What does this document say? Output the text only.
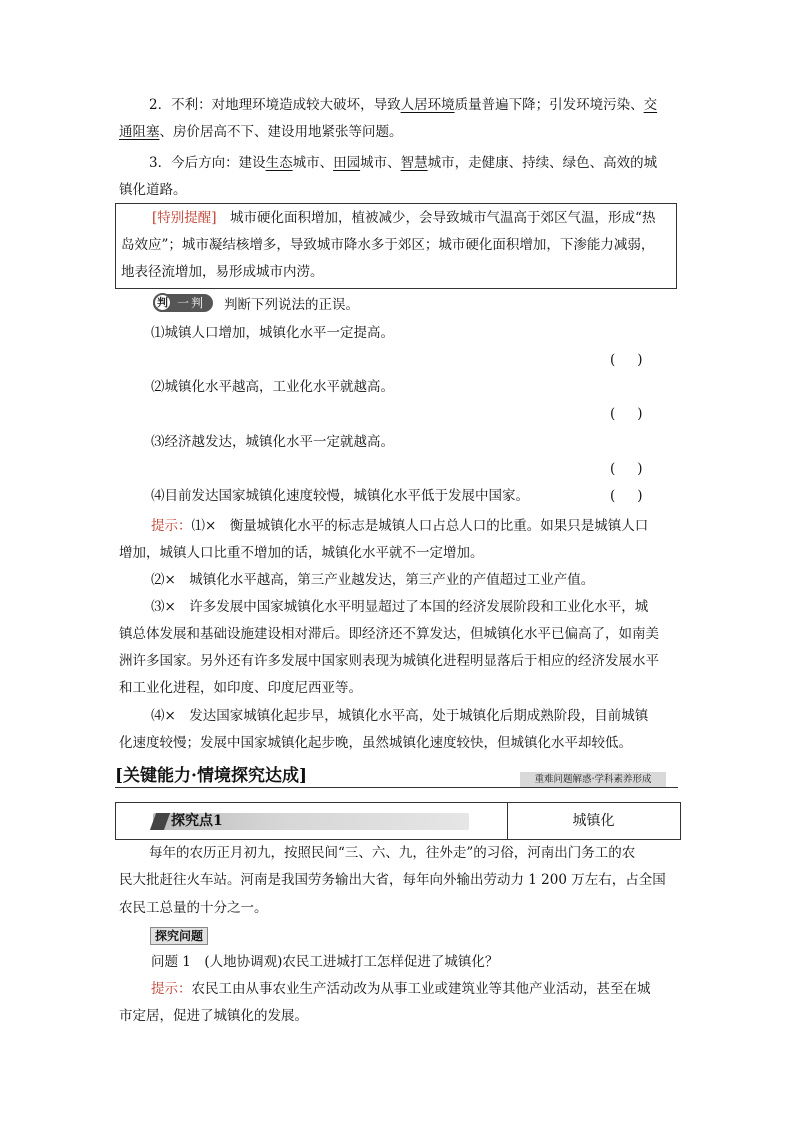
2．不利：对地理环境造成较大破坏，导致人居环境质量普遍下降；引发环境污染、交
通阻塞、房价居高不下、建设用地紧张等问题。
3．今后方向：建设生态城市、田园城市、智慧城市，走健康、持续、绿色、高效的城
镇化道路。
[特别提醒]　 城市硬化面积增加，植被减少，会导致城市气温高于郊区气温，形成“热
岛效应”；城市凝结核增多，导致城市降水多于郊区；城市硬化面积增加，下渗能力减弱，
地表径流增加，易形成城市内涝。
判 一判 判断下列说法的正误。
⑴城镇人口增加，城镇化水平一定提高。
()
⑵城镇化水平越高，工业化水平就越高。
()
⑶经济越发达，城镇化水平一定就越高。
()
⑷目前发达国家城镇化速度较慢，城镇化水平低于发展中国家。	()
提示：⑴×　衡量城镇化水平的标志是城镇人口占总人口的比重。如果只是城镇人口
增加，城镇人口比重不增加的话，城镇化水平就不一定增加。
⑵×　城镇化水平越高，第三产业越发达，第三产业的产值超过工业产值。
⑶×　许多发展中国家城镇化水平明显超过了本国的经济发展阶段和工业化水平，城
镇总体发展和基础设施建设相对滞后。即经济还不算发达，但城镇化水平已偏高了，如南美
洲许多国家。另外还有许多发展中国家则表现为城镇化进程明显落后于相应的经济发展水平
和工业化进程，如印度、印度尼西亚等。
⑷×　发达国家城镇化起步早，城镇化水平高，处于城镇化后期成熟阶段，目前城镇
化速度较慢；发展中国家城镇化起步晚，虽然城镇化速度较快，但城镇化水平却较低。
[关键能力·情境探究达成]	重难问题解惑·学科素养形成
探究点1	城镇化
每年的农历正月初九，按照民间“三、六、九，往外走”的习俗，河南出门务工的农
民大批赶往火车站。河南是我国劳务输出大省，每年向外输出劳动力 1 200 万左右，占全国
农民工总量的十分之一。
探究问题
问题 1　(人地协调观)农民工进城打工怎样促进了城镇化？
提示：农民工由从事农业生产活动改为从事工业或建筑业等其他产业活动，甚至在城
市定居，促进了城镇化的发展。
